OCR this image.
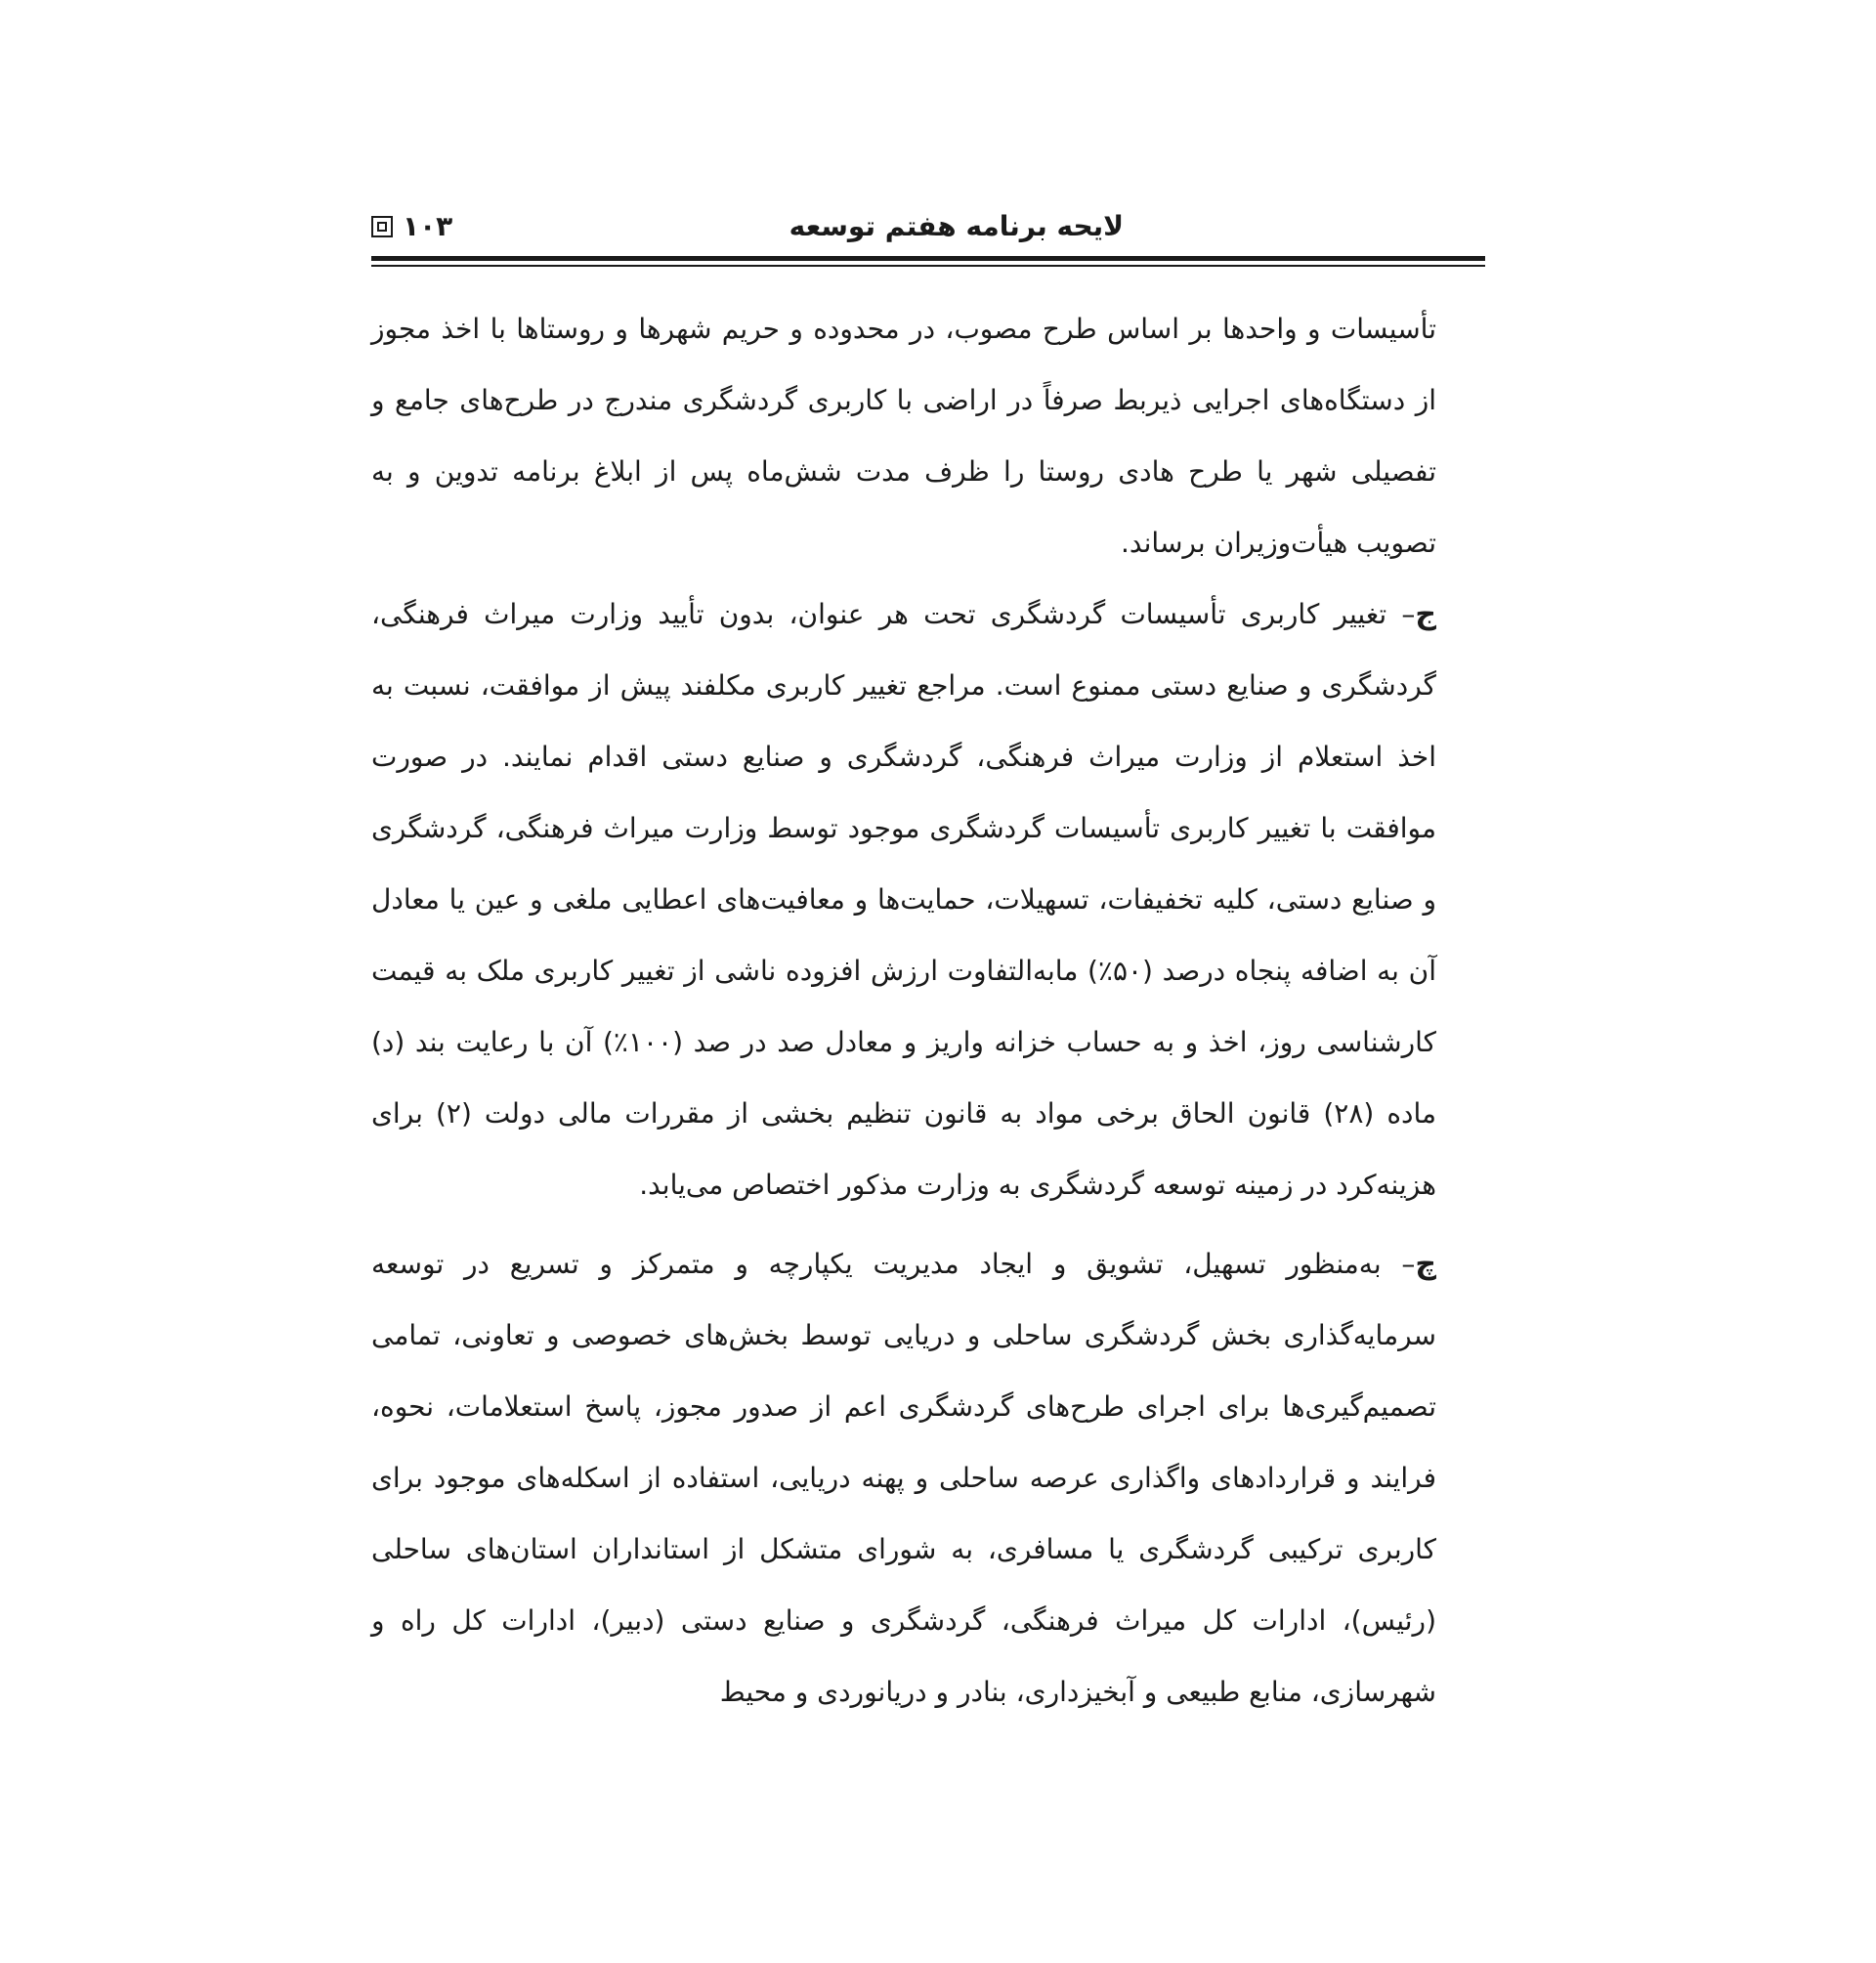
لایحه برنامه هفتم توسعه
۱۰۳

تأسیسات و واحدها بر اساس طرح مصوب، در محدوده و حریم شهرها و روستاها با اخذ مجوز از دستگاه‌های اجرایی ذیربط صرفاً در اراضی با کاربری گردشگری مندرج در طرح‌های جامع و تفصیلی شهر یا طرح هادی روستا را ظرف مدت شش‌ماه پس از ابلاغ برنامه تدوین و به تصویب هیأت‌وزیران برساند.

ج– تغییر کاربری تأسیسات گردشگری تحت هر عنوان، بدون تأیید وزارت میراث فرهنگی، گردشگری و صنایع دستی ممنوع است. مراجع تغییر کاربری مکلفند پیش از موافقت، نسبت به اخذ استعلام از وزارت میراث فرهنگی، گردشگری و صنایع دستی اقدام نمایند. در صورت موافقت با تغییر کاربری تأسیسات گردشگری موجود توسط وزارت میراث فرهنگی، گردشگری و صنایع دستی، کلیه تخفیفات، تسهیلات، حمایت‌ها و معافیت‌های اعطایی ملغی و عین یا معادل آن به اضافه پنجاه درصد (۵۰٪) مابه‌التفاوت ارزش افزوده ناشی از تغییر کاربری ملک به قیمت کارشناسی روز، اخذ و به حساب خزانه واریز و معادل صد در صد (۱۰۰٪) آن با رعایت بند (د) ماده (۲۸) قانون الحاق برخی مواد به قانون تنظیم بخشی از مقررات مالی دولت (۲) برای هزینه‌کرد در زمینه توسعه گردشگری به وزارت مذکور اختصاص می‌یابد.

چ– به‌منظور تسهیل، تشویق و ایجاد مدیریت یکپارچه و متمرکز و تسریع در توسعه سرمایه‌گذاری بخش گردشگری ساحلی و دریایی توسط بخش‌های خصوصی و تعاونی، تمامی تصمیم‌گیری‌ها برای اجرای طرح‌های گردشگری اعم از صدور مجوز، پاسخ استعلامات، نحوه، فرایند و قراردادهای واگذاری عرصه ساحلی و پهنه دریایی، استفاده از اسکله‌های موجود برای کاربری ترکیبی گردشگری یا مسافری، به شورای متشکل از استانداران استان‌های ساحلی (رئیس)، ادارات کل میراث فرهنگی، گردشگری و صنایع دستی (دبیر)، ادارات کل راه و شهرسازی، منابع طبیعی و آبخیزداری، بنادر و دریانوردی و محیط
